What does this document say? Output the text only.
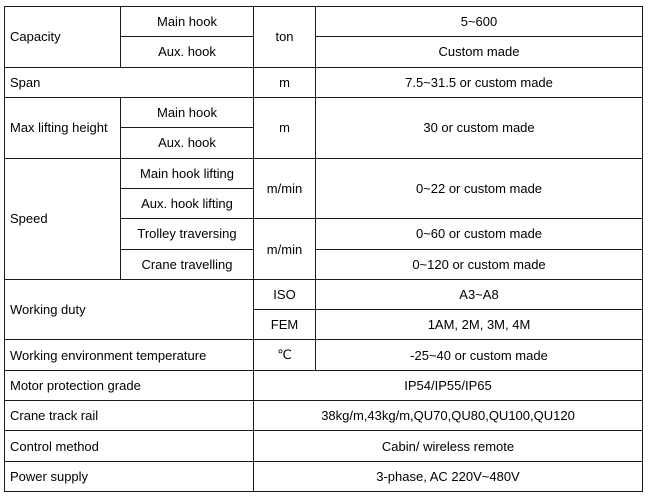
Capacity	Main hook	ton	5~600
	Aux. hook		Custom made
Span		m	7.5~31.5 or custom made
Max lifting height	Main hook	m	30 or custom made
	Aux. hook		
Speed	Main hook lifting	m/min	0~22 or custom made
	Aux. hook lifting		
	Trolley traversing	m/min	0~60 or custom made
	Crane travelling		0~120 or custom made
Working duty		ISO	A3~A8
		FEM	1AM, 2M, 3M, 4M
Working environment temperature		℃	-25~40 or custom made
Motor protection grade		IP54/IP55/IP65	
Crane track rail		38kg/m,43kg/m,QU70,QU80,QU100,QU120	
Control method		Cabin/ wireless remote	
Power supply		3-phase, AC 220V~480V	
